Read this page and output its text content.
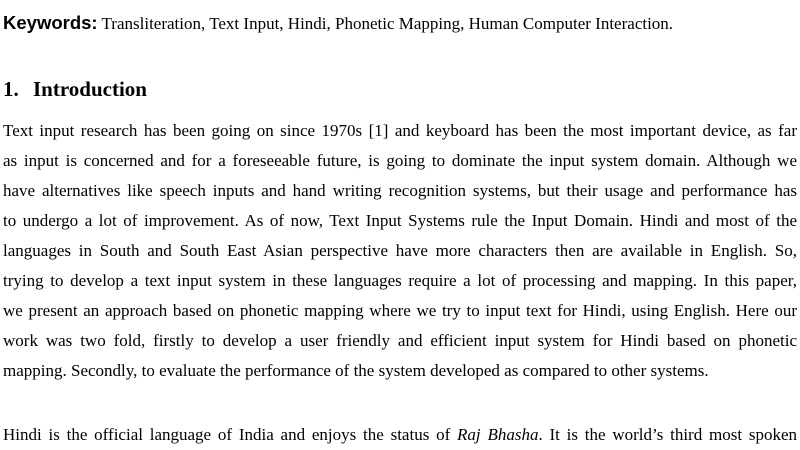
Keywords: Transliteration, Text Input, Hindi, Phonetic Mapping, Human Computer Interaction.
1. Introduction
Text input research has been going on since 1970s [1] and keyboard has been the most important device, as far
as input is concerned and for a foreseeable future, is going to dominate the input system domain. Although we
have alternatives like speech inputs and hand writing recognition systems, but their usage and performance has
to undergo a lot of improvement. As of now, Text Input Systems rule the Input Domain. Hindi and most of the
languages in South and South East Asian perspective have more characters then are available in English. So,
trying to develop a text input system in these languages require a lot of processing and mapping. In this paper,
we present an approach based on phonetic mapping where we try to input text for Hindi, using English. Here our
work was two fold, firstly to develop a user friendly and efficient input system for Hindi based on phonetic
mapping. Secondly, to evaluate the performance of the system developed as compared to other systems.
Hindi is the official language of India and enjoys the status of Raj Bhasha. It is the world’s third most spoken
